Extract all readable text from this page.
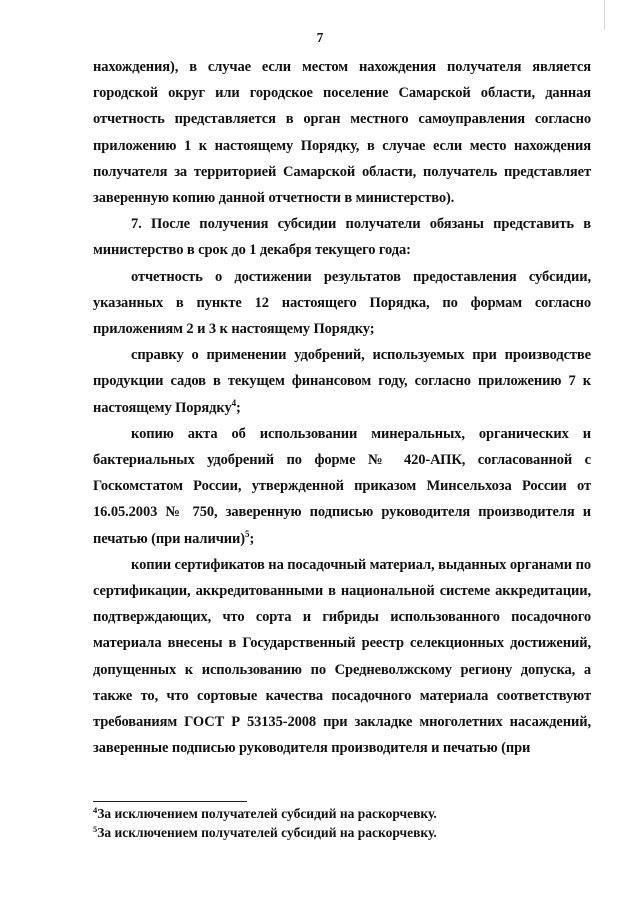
7

нахождения), в случае если местом нахождения получателя является городской округ или городское поселение Самарской области, данная отчетность представляется в орган местного самоуправления согласно приложению 1 к настоящему Порядку, в случае если место нахождения получателя за территорией Самарской области, получатель представляет заверенную копию данной отчетности в министерство).

7. После получения субсидии получатели обязаны представить в министерство в срок до 1 декабря текущего года:

отчетность о достижении результатов предоставления субсидии, указанных в пункте 12 настоящего Порядка, по формам согласно приложениям 2 и 3 к настоящему Порядку;

справку о применении удобрений, используемых при производстве продукции садов в текущем финансовом году, согласно приложению 7 к настоящему Порядку$^4$;

копию акта об использовании минеральных, органических и бактериальных удобрений по форме № 420-АПК, согласованной с Госкомстатом России, утвержденной приказом Минсельхоза России от 16.05.2003 № 750, заверенную подписью руководителя производителя и печатью (при наличии)$^5$;

копии сертификатов на посадочный материал, выданных органами по сертификации, аккредитованными в национальной системе аккредитации, подтверждающих, что сорта и гибриды использованного посадочного материала внесены в Государственный реестр селекционных достижений, допущенных к использованию по Средневолжскому региону допуска, а также то, что сортовые качества посадочного материала соответствуют требованиям ГОСТ Р 53135-2008 при закладке многолетних насаждений, заверенные подписью руководителя производителя и печатью (при

$^4$За исключением получателей субсидий на раскорчевку.
$^5$За исключением получателей субсидий на раскорчевку.
